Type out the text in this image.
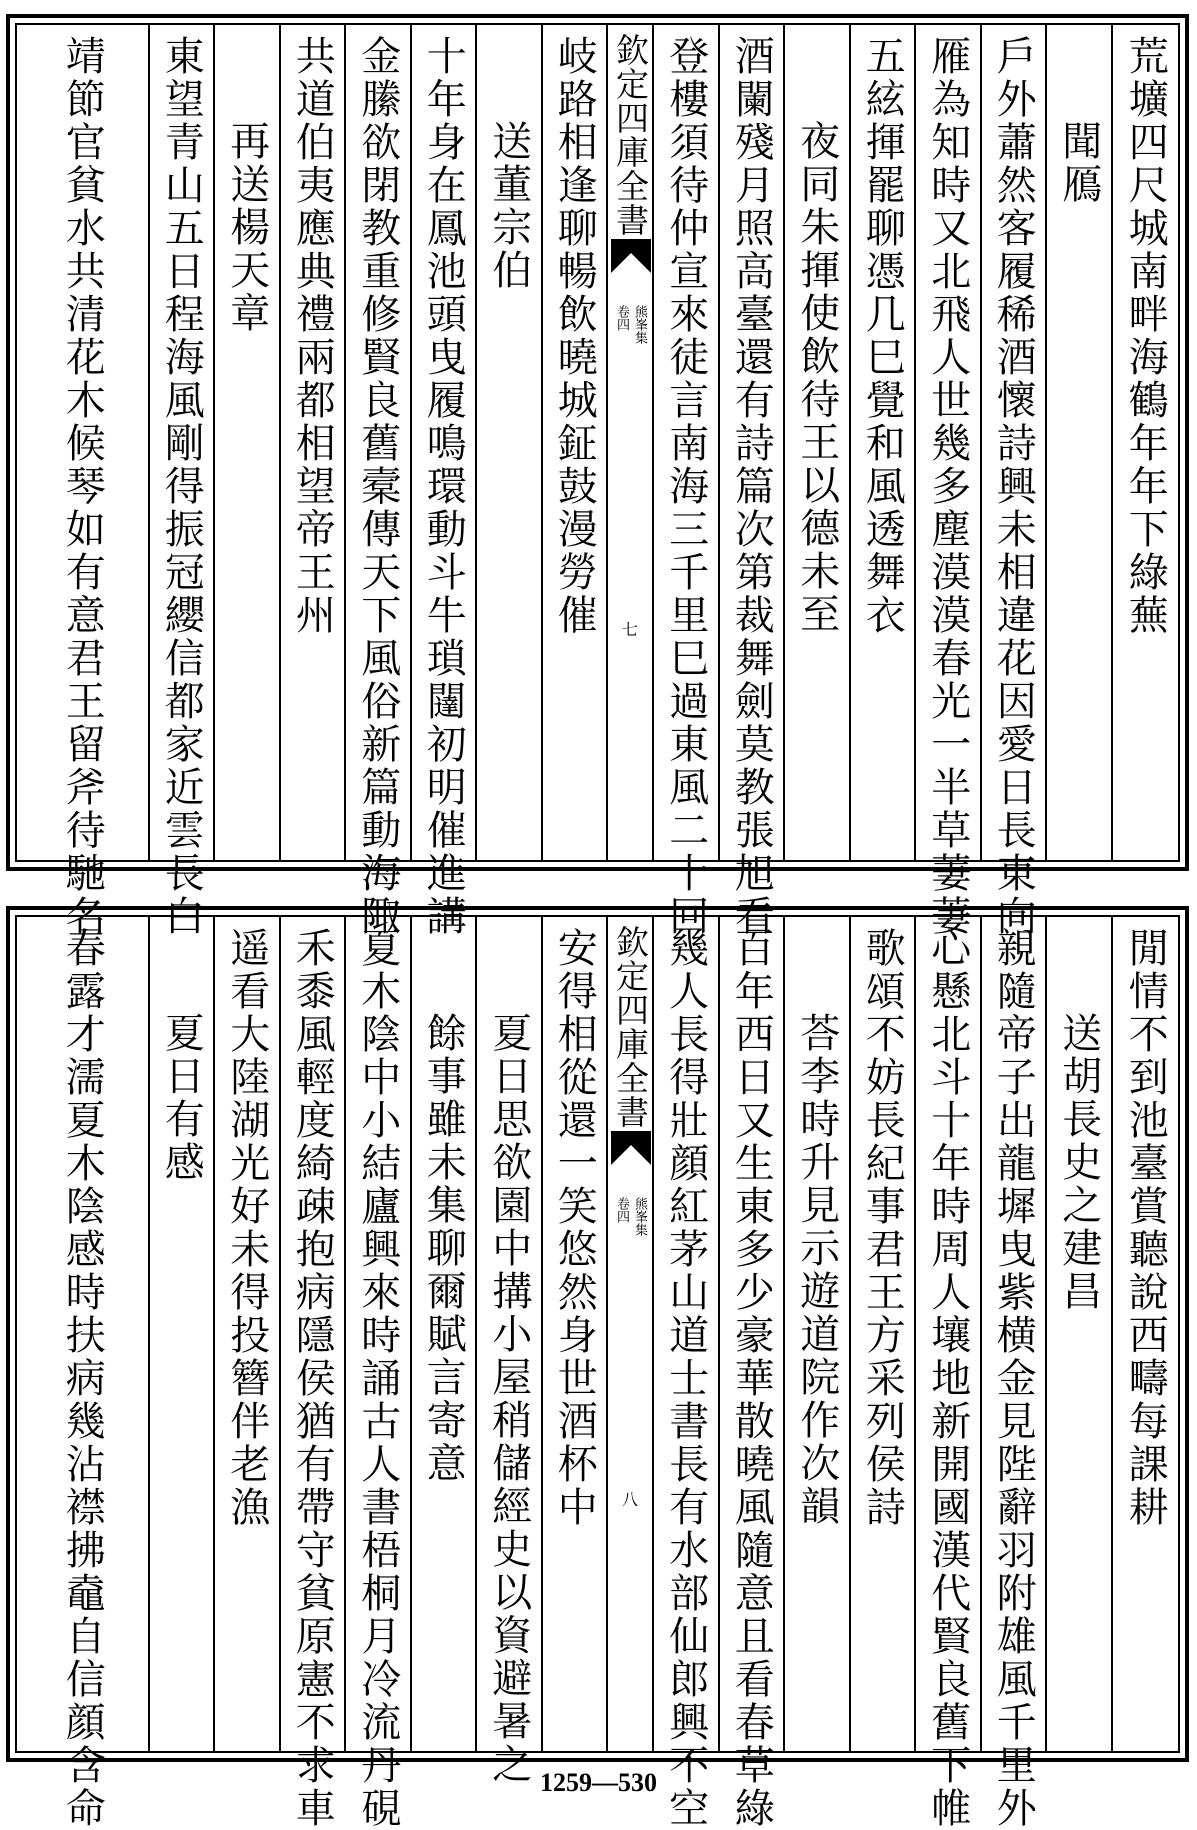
荒壙四尺城南畔海鶴年年下綠蕪
聞鴈
戶外蕭然客履稀酒懷詩興未相違花因愛日長東向
雁為知時又北飛人世幾多塵漠漠春光一半草萋萋
五絃揮罷聊憑几巳覺和風透舞衣
夜同朱揮使飲待王以德未至
酒闌殘月照高臺還有詩篇次第裁舞劍莫教張旭看
登樓須待仲宣來徒言南海三千里巳過東風二十回
欽定四庫全書
熊峯集
卷四
七
岐路相逢聊暢飲曉城鉦鼓漫勞催
送董宗伯
十年身在鳳池頭曳履鳴環動斗牛瑣闥初明催進講
金縢欲閉教重修賢良舊槖傳天下風俗新篇動海陬
共道伯夷應典禮兩都相望帝王州
再送楊天章
東望青山五日程海風剛得振冠纓信都家近雲長白
靖節官貧水共清花木候琴如有意君王留斧待馳名
閒情不到池臺賞聽說西疇每課耕
送胡長史之建昌
親隨帝子出龍墀曳紫横金見陛辭羽附雄風千里外
心懸北斗十年時周人壤地新開國漢代賢良舊下帷
歌頌不妨長紀事君王方采列侯詩
荅李時升見示遊道院作次韻
百年西日又生東多少豪華散曉風隨意且看春草綠
幾人長得壯顔紅茅山道士書長有水部仙郎興不空
欽定四庫全書
熊峯集
卷四
八
安得相從還一笑悠然身世酒杯中
夏日思欲園中搆小屋稍儲經史以資避暑之
餘事雖未集聊爾賦言寄意
夏木陰中小結廬興來時誦古人書梧桐月冷流丹硯
禾黍風輕度綺疎抱病隱侯猶有帶守貧原憲不求車
遥看大陸湖光好未得投簪伴老漁
夏日有感
春露才濡夏木陰感時扶病幾沾襟拂鼀自信顔含命	1259—530
